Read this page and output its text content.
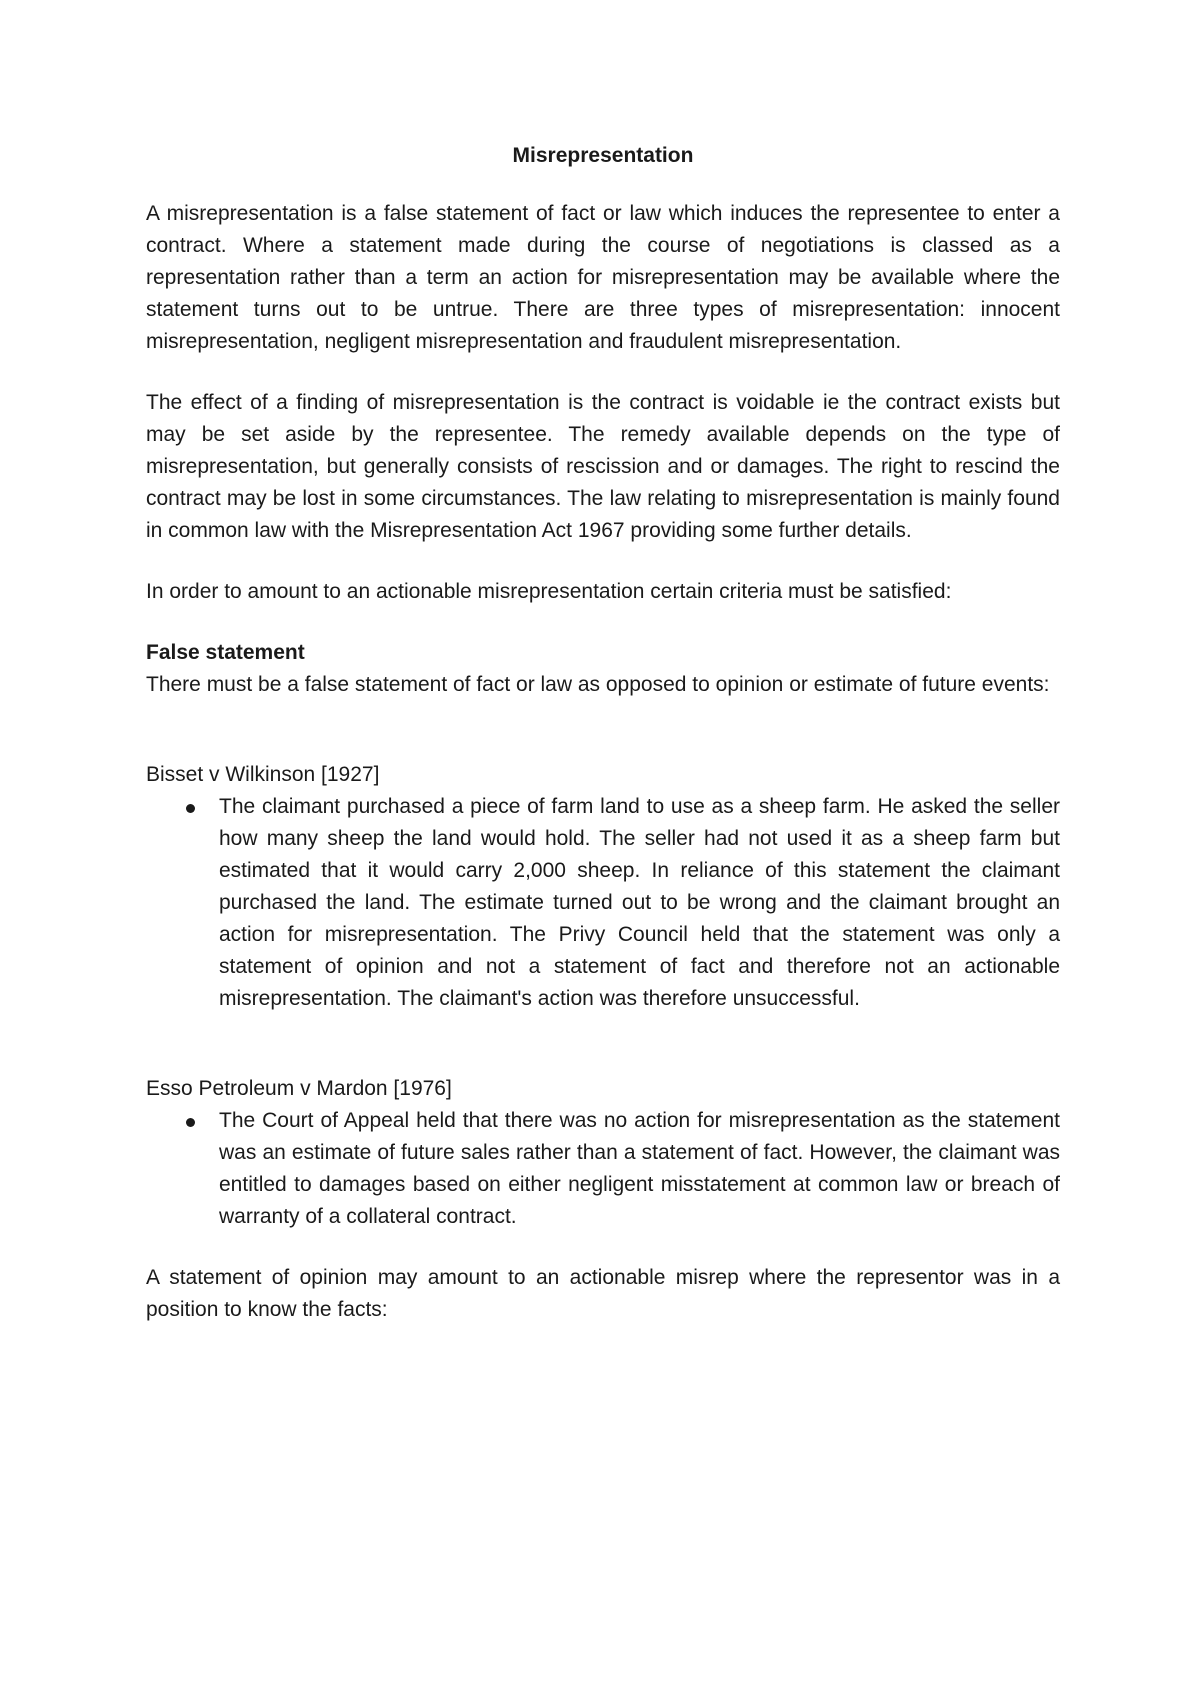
Misrepresentation

A misrepresentation is a false statement of fact or law which induces the representee to enter a contract. Where a statement made during the course of negotiations is classed as a representation rather than a term an action for misrepresentation may be available where the statement turns out to be untrue. There are three types of misrepresentation: innocent misrepresentation, negligent misrepresentation and fraudulent misrepresentation.

The effect of a finding of misrepresentation is the contract is voidable ie the contract exists but may be set aside by the representee. The remedy available depends on the type of misrepresentation, but generally consists of rescission and or damages. The right to rescind the contract may be lost in some circumstances. The law relating to misrepresentation is mainly found in common law with the Misrepresentation Act 1967 providing some further details.

In order to amount to an actionable misrepresentation certain criteria must be satisfied:

False statement

There must be a false statement of fact or law as opposed to opinion or estimate of future events:

Bisset v Wilkinson [1927]
The claimant purchased a piece of farm land to use as a sheep farm. He asked the seller how many sheep the land would hold. The seller had not used it as a sheep farm but estimated that it would carry 2,000 sheep. In reliance of this statement the claimant purchased the land. The estimate turned out to be wrong and the claimant brought an action for misrepresentation. The Privy Council held that the statement was only a statement of opinion and not a statement of fact and therefore not an actionable misrepresentation. The claimant's action was therefore unsuccessful.
Esso Petroleum v Mardon [1976]
The Court of Appeal held that there was no action for misrepresentation as the statement was an estimate of future sales rather than a statement of fact. However, the claimant was entitled to damages based on either negligent misstatement at common law or breach of warranty of a collateral contract.

A statement of opinion may amount to an actionable misrep where the representor was in a position to know the facts:
